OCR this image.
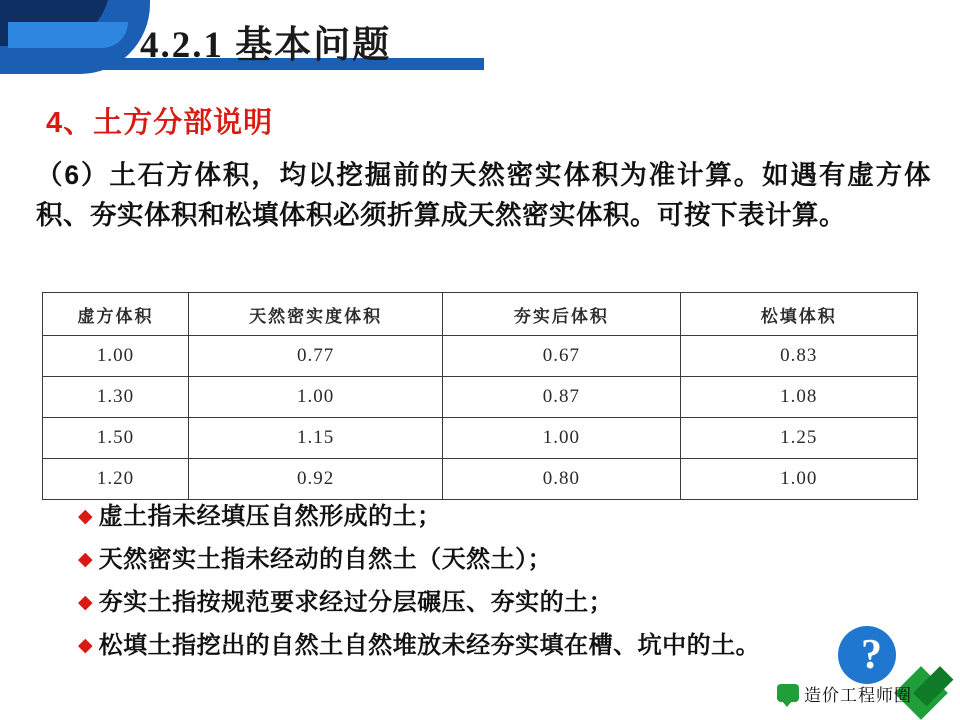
4.2.1 基本问题
4、土方分部说明
（6）土石方体积，均以挖掘前的天然密实体积为准计算。如遇有虚方体积、夯实体积和松填体积必须折算成天然密实体积。可按下表计算。
虚方体积	天然密实度体积	夯实后体积	松填体积
1.00	0.77	0.67	0.83
1.30	1.00	0.87	1.08
1.50	1.15	1.00	1.25
1.20	0.92	0.80	1.00
◆ 虚土指未经填压自然形成的土；
◆ 天然密实土指未经动的自然土（天然土）；
◆ 夯实土指按规范要求经过分层碾压、夯实的土；
◆ 松填土指挖出的自然土自然堆放未经夯实填在槽、坑中的土。 ?
造价工程师圈
